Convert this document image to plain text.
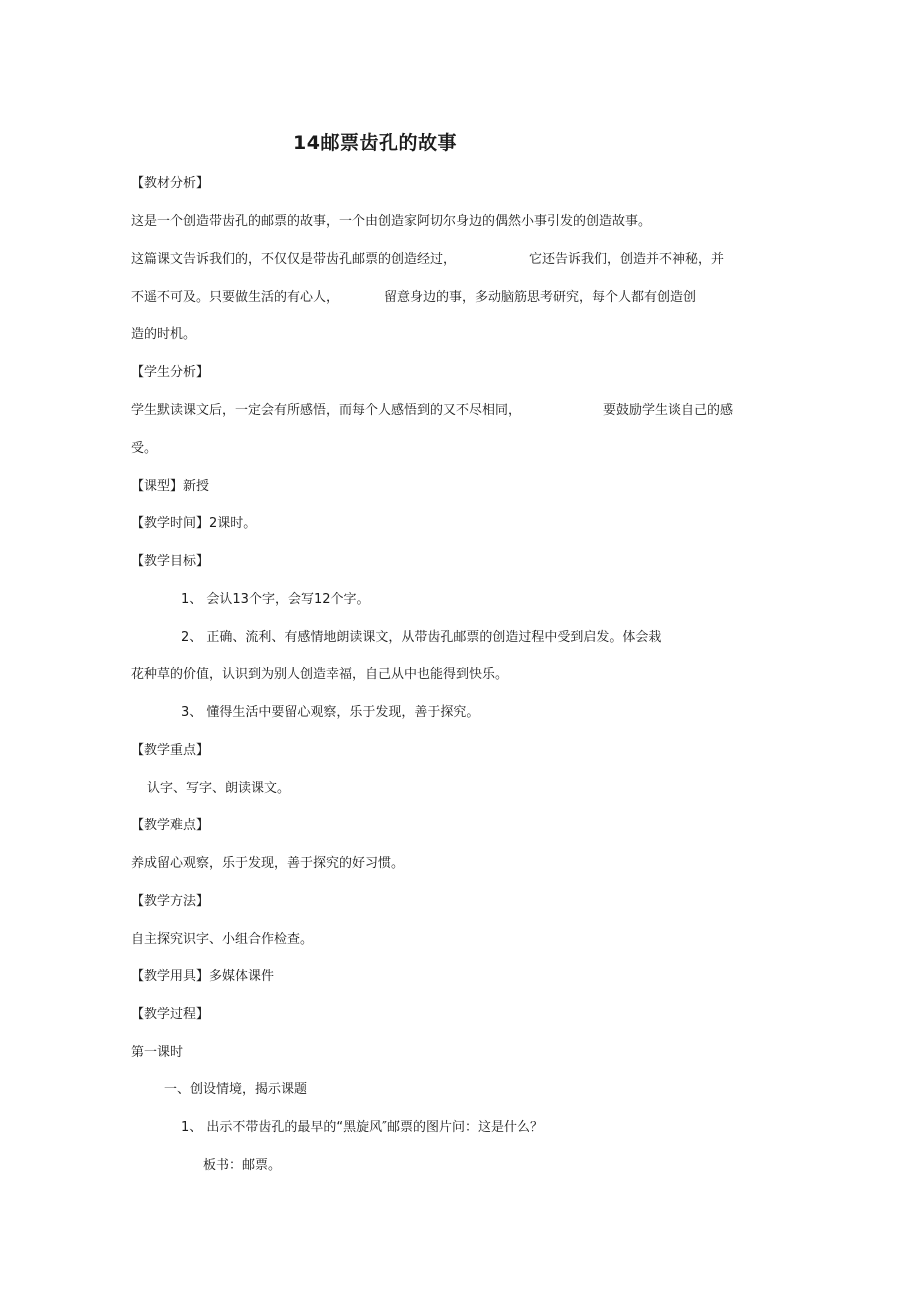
14邮票齿孔的故事
【教材分析】
这是一个创造带齿孔的邮票的故事，一个由创造家阿切尔身边的偶然小事引发的创造故事。
这篇课文告诉我们的，不仅仅是带齿孔邮票的创造经过，	它还告诉我们，创造并不神秘，并
不遥不可及。只要做生活的有心人，	留意身边的事，多动脑筋思考研究，每个人都有创造创
造的时机。
【学生分析】
学生默读课文后，一定会有所感悟，而每个人感悟到的又不尽相同，	要鼓励学生谈自己的感
受。
【课型】新授
【教学时间】2课时。
【教学目标】
1、 会认13个字，会写12个字。
2、 正确、流利、有感情地朗读课文，从带齿孔邮票的创造过程中受到启发。体会栽
花种草的价值，认识到为别人创造幸福，自己从中也能得到快乐。
3、 懂得生活中要留心观察，乐于发现，善于探究。
【教学重点】
认字、写字、朗读课文。
【教学难点】
养成留心观察，乐于发现，善于探究的好习惯。
【教学方法】
自主探究识字、小组合作检查。
【教学用具】多媒体课件
【教学过程】
第一课时
一、创设情境，揭示课题
1、 出示不带齿孔的最早的“黑旋风″邮票的图片问：这是什么？
板书：邮票。
